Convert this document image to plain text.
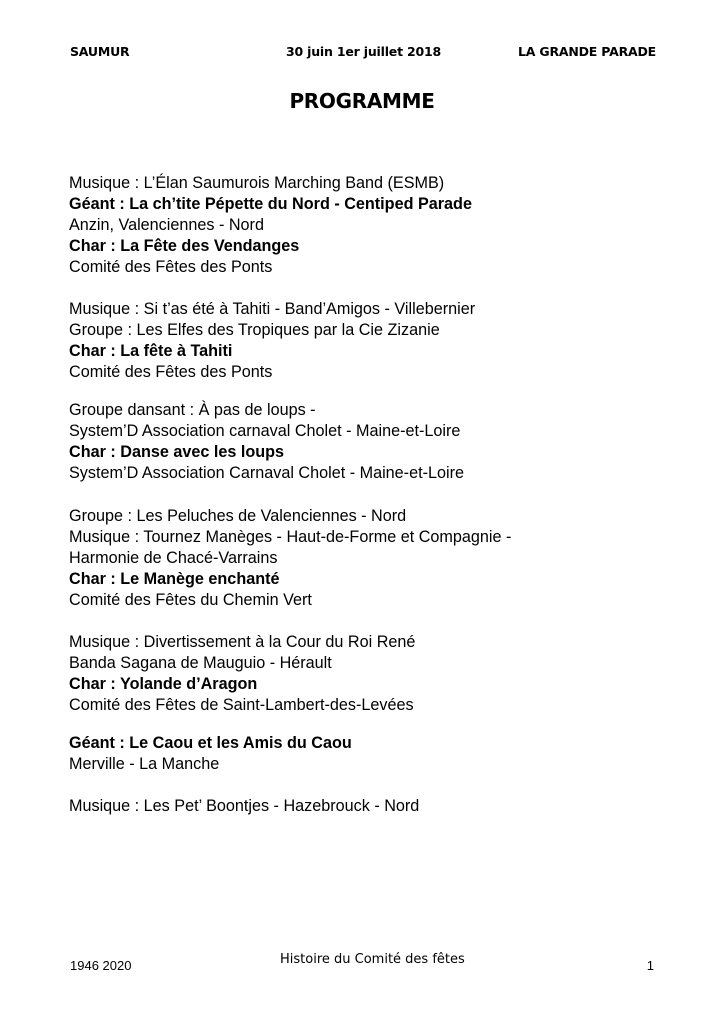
SAUMUR	30 juin 1er juillet 2018	LA GRANDE PARADE
PROGRAMME
Musique : L’Élan Saumurois Marching Band (ESMB)
Géant : La ch’tite Pépette du Nord - Centiped Parade
Anzin, Valenciennes - Nord
Char : La Fête des Vendanges
Comité des Fêtes des Ponts
Musique : Si t’as été à Tahiti - Band’Amigos - Villebernier
Groupe : Les Elfes des Tropiques par la Cie Zizanie
Char : La fête à Tahiti
Comité des Fêtes des Ponts
Groupe dansant : À pas de loups -
System’D Association carnaval Cholet - Maine-et-Loire
Char : Danse avec les loups
System’D Association Carnaval Cholet - Maine-et-Loire
Groupe : Les Peluches de Valenciennes - Nord
Musique : Tournez Manèges - Haut-de-Forme et Compagnie -
Harmonie de Chacé-Varrains
Char : Le Manège enchanté
Comité des Fêtes du Chemin Vert
Musique : Divertissement à la Cour du Roi René
Banda Sagana de Mauguio - Hérault
Char : Yolande d’Aragon
Comité des Fêtes de Saint-Lambert-des-Levées
Géant : Le Caou et les Amis du Caou
Merville - La Manche
Musique : Les Pet’ Boontjes - Hazebrouck - Nord
1946 2020	Histoire du Comité des fêtes	1
